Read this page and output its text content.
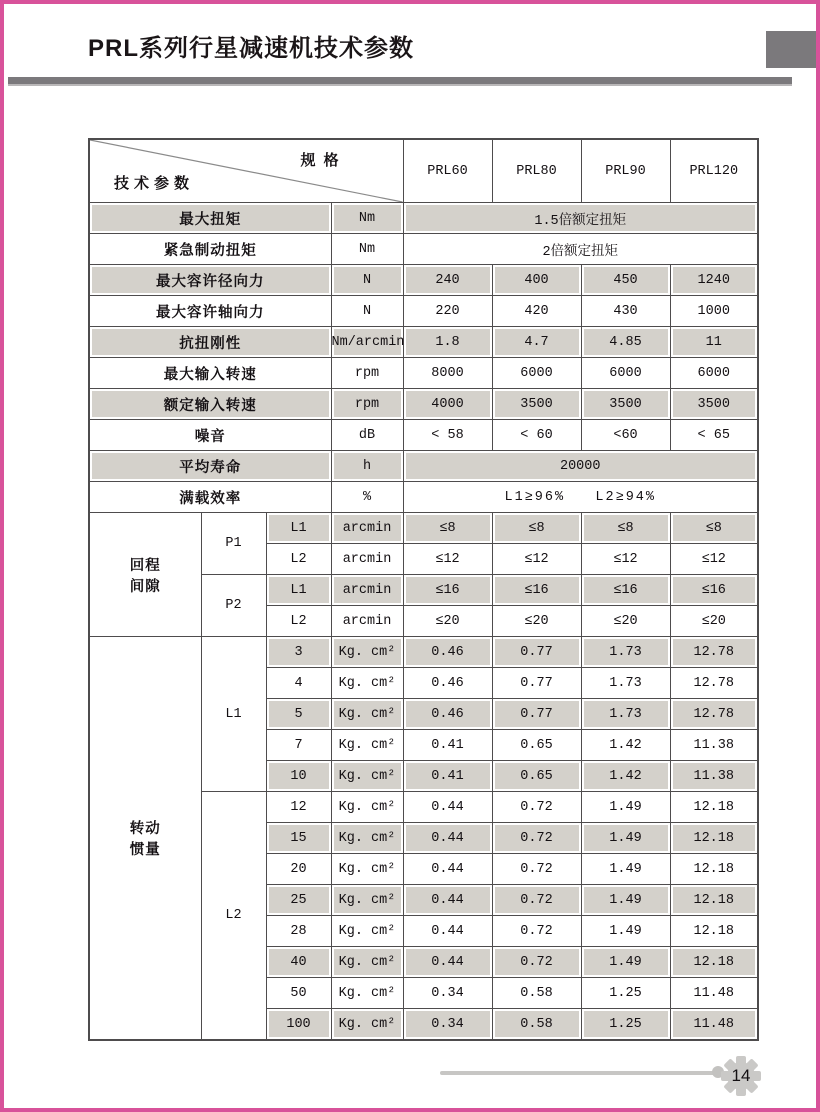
PRL系列行星减速机技术参数
规格
技术参数				PRL60	PRL80	PRL90	PRL120
最大扭矩			Nm	1.5倍额定扭矩			
紧急制动扭矩			Nm	2倍额定扭矩			
最大容许径向力			N	240	400	450	1240
最大容许轴向力			N	220	420	430	1000
抗扭刚性			Nm/arcmin	1.8	4.7	4.85	11
最大输入转速			rpm	8000	6000	6000	6000
额定输入转速			rpm	4000	3500	3500	3500
噪音			dB	< 58	< 60	<60	< 65
平均寿命			h	20000			
满载效率			%	L1≥96%   L2≥94%			

回程
间隙	P1	L1	arcmin	≤8	≤8	≤8	≤8
		L2	arcmin	≤12	≤12	≤12	≤12
	P2	L1	arcmin	≤16	≤16	≤16	≤16
		L2	arcmin	≤20	≤20	≤20	≤20

转动
惯量	L1	3	Kg. cm²	0.46	0.77	1.73	12.78
		4	Kg. cm²	0.46	0.77	1.73	12.78
		5	Kg. cm²	0.46	0.77	1.73	12.78
		7	Kg. cm²	0.41	0.65	1.42	11.38
		10	Kg. cm²	0.41	0.65	1.42	11.38
	L2	12	Kg. cm²	0.44	0.72	1.49	12.18
		15	Kg. cm²	0.44	0.72	1.49	12.18
		20	Kg. cm²	0.44	0.72	1.49	12.18
		25	Kg. cm²	0.44	0.72	1.49	12.18
		28	Kg. cm²	0.44	0.72	1.49	12.18
		40	Kg. cm²	0.44	0.72	1.49	12.18
		50	Kg. cm²	0.34	0.58	1.25	11.48
		100	Kg. cm²	0.34	0.58	1.25	11.48
14
